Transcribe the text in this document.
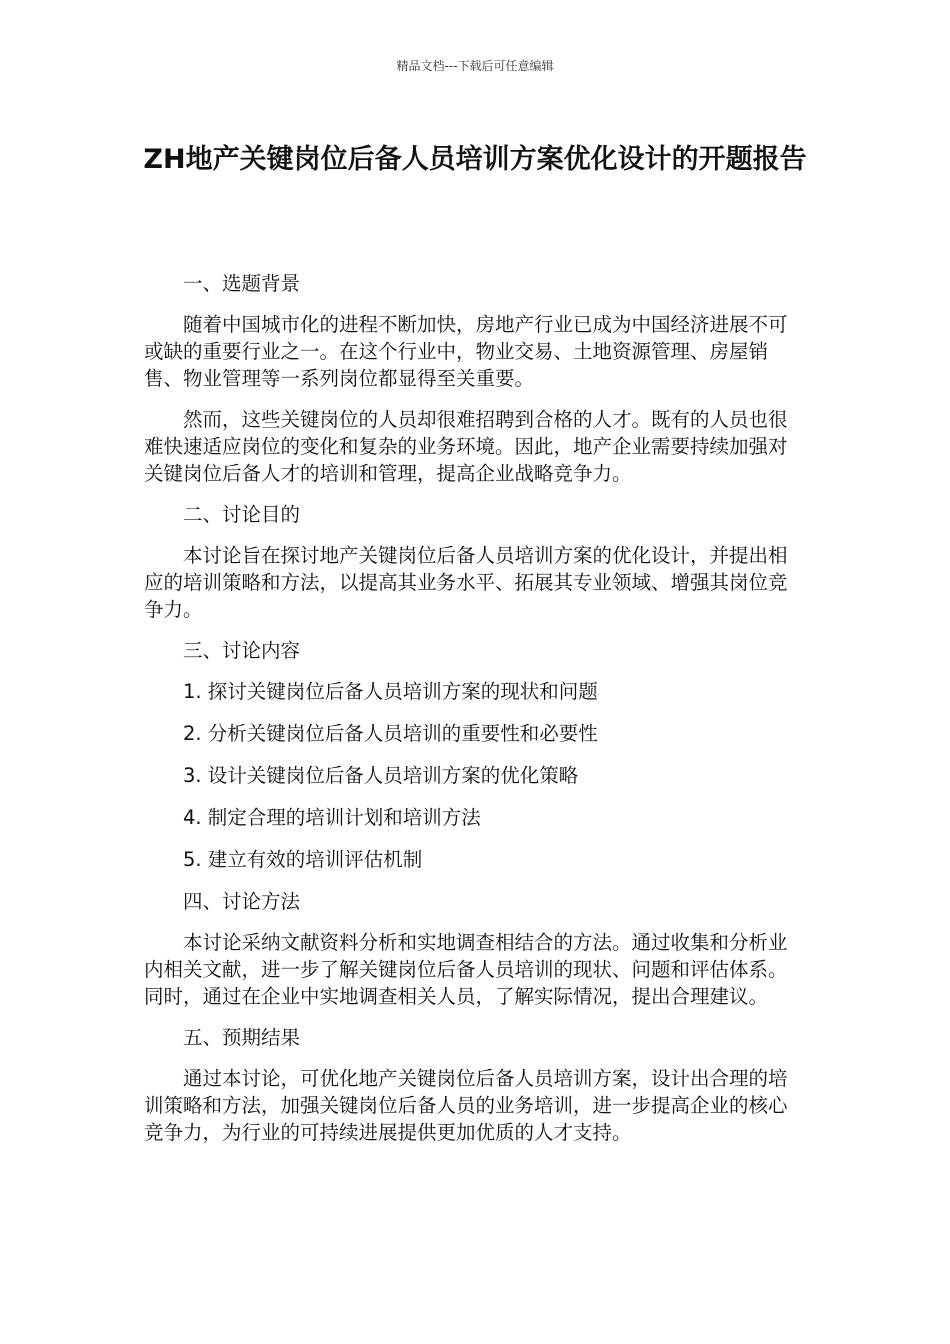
精品文档---下载后可任意编辑
ZH地产关键岗位后备人员培训方案优化设计的开题报告

一、选题背景

随着中国城市化的进程不断加快，房地产行业已成为中国经济进展不可或缺的重要行业之一。在这个行业中，物业交易、土地资源管理、房屋销售、物业管理等一系列岗位都显得至关重要。

然而，这些关键岗位的人员却很难招聘到合格的人才。既有的人员也很难快速适应岗位的变化和复杂的业务环境。因此，地产企业需要持续加强对关键岗位后备人才的培训和管理，提高企业战略竞争力。

二、讨论目的

本讨论旨在探讨地产关键岗位后备人员培训方案的优化设计，并提出相应的培训策略和方法，以提高其业务水平、拓展其专业领域、增强其岗位竞争力。

三、讨论内容

1. 探讨关键岗位后备人员培训方案的现状和问题

2. 分析关键岗位后备人员培训的重要性和必要性

3. 设计关键岗位后备人员培训方案的优化策略

4. 制定合理的培训计划和培训方法

5. 建立有效的培训评估机制

四、讨论方法

本讨论采纳文献资料分析和实地调查相结合的方法。通过收集和分析业内相关文献，进一步了解关键岗位后备人员培训的现状、问题和评估体系。同时，通过在企业中实地调查相关人员，了解实际情况，提出合理建议。

五、预期结果

通过本讨论，可优化地产关键岗位后备人员培训方案，设计出合理的培训策略和方法，加强关键岗位后备人员的业务培训，进一步提高企业的核心竞争力，为行业的可持续进展提供更加优质的人才支持。
